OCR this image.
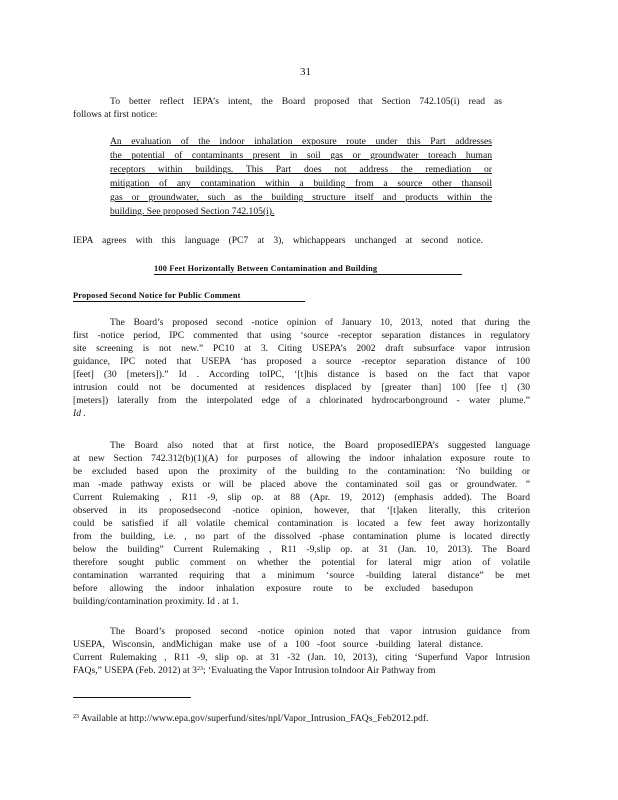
31
To better reflect IEPA’s intent, the Board proposed that Section 742.105(i) read as
follows at first notice:
An evaluation of the indoor inhalation exposure route under this Part addresses
the potential of contaminants present in soil gas or groundwater toreach human
receptors within buildings. This Part does not address the remediation or
mitigation of any contamination within a building from a source other thansoil
gas or groundwater, such as the building structure itself and products within the
building. See proposed Section 742.105(i).
IEPA agrees with this language (PC7 at 3), whichappears unchanged at second notice.
100 Feet Horizontally Between Contamination and Building
Proposed Second Notice for Public Comment
The Board’s proposed second -notice opinion of January 10, 2013, noted that during the
first -notice period, IPC commented that using ‘source -receptor separation distances in regulatory
site screening is not new.” PC10 at 3. Citing USEPA’s 2002 draft subsurface vapor intrusion
guidance, IPC noted that USEPA ‘has proposed a source -receptor separation distance of 100
[feet] (30 [meters]).” Id . According toIPC, ‘[t]his distance is based on the fact that vapor
intrusion could not be documented at residences displaced by [greater than] 100 [fee t] (30
[meters]) laterally from the interpolated edge of a chlorinated hydrocarbonground - water plume.”
Id .
The Board also noted that at first notice, the Board proposedIEPA’s suggested language
at new Section 742.312(b)(1)(A) for purposes of allowing the indoor inhalation exposure route to
be excluded based upon the proximity of the building to the contamination: ‘No building or
man -made pathway exists or will be placed above the contaminated soil gas or groundwater. ”
Current Rulemaking , R11 -9, slip op. at 88 (Apr. 19, 2012) (emphasis added). The Board
observed in its proposedsecond -notice opinion, however, that ‘[t]aken literally, this criterion
could be satisfied if all volatile chemical contamination is located a few feet away horizontally
from the building, i.e. , no part of the dissolved -phase contamination plume is located directly
below the building” Current Rulemaking , R11 -9,slip op. at 31 (Jan. 10, 2013). The Board
therefore sought public comment on whether the potential for lateral migr ation of volatile
contamination warranted requiring that a minimum ‘source -building lateral distance” be met
before allowing the indoor inhalation exposure route to be excluded basedupon
building/contamination proximity. Id . at 1.
The Board’s proposed second -notice opinion noted that vapor intrusion guidance from
USEPA, Wisconsin, andMichigan make use of a 100 -foot source -building lateral distance.
Current Rulemaking , R11 -9, slip op. at 31 -32 (Jan. 10, 2013), citing ‘Superfund Vapor Intrusion
FAQs,” USEPA (Feb. 2012) at $3^{23}$; ‘Evaluating the Vapor Intrusion toIndoor Air Pathway from
$^{23}$ Available at http://www.epa.gov/superfund/sites/npl/Vapor_Intrusion_FAQs_Feb2012.pdf.
